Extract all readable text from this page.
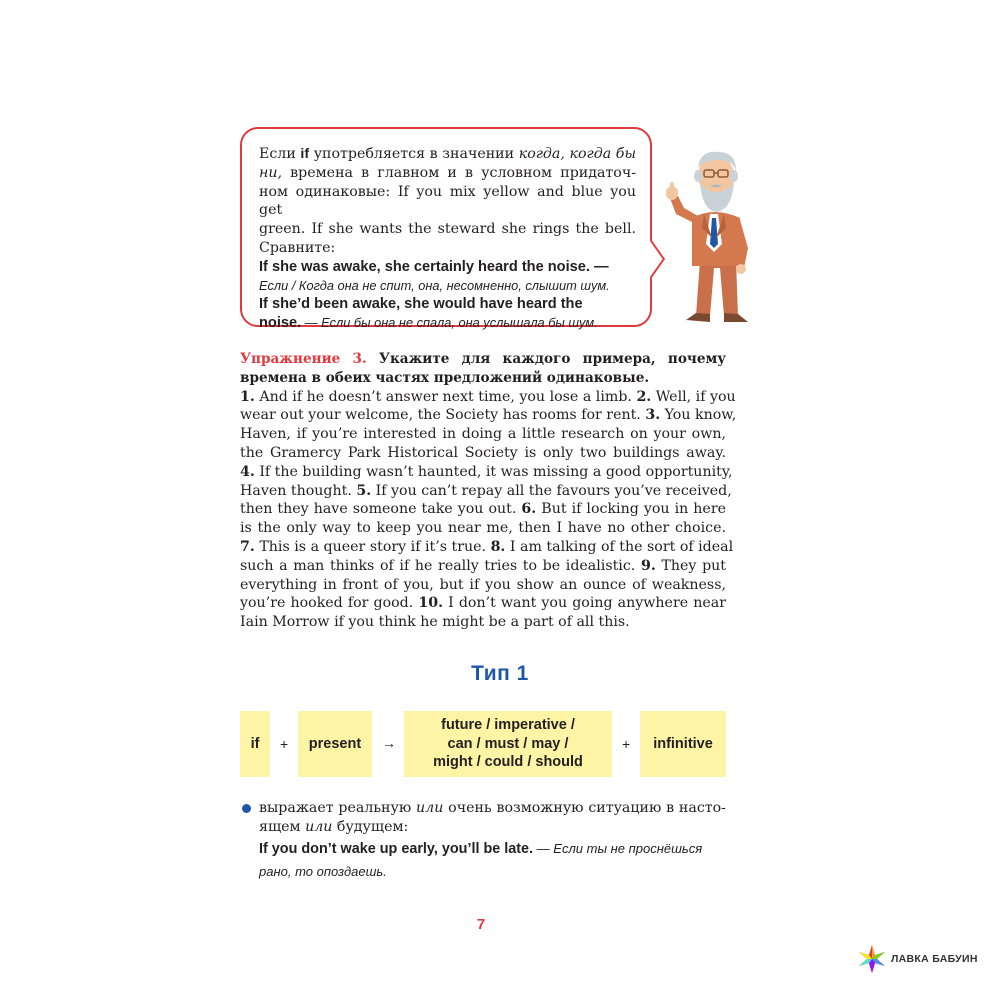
Если if употребляется в значении когда, когда бы

ни, времена в главном и в условном придаточ-

ном одинаковые: If you mix yellow and blue you get

green. If she wants the steward she rings the bell.

Сравните:

If she was awake, she certainly heard the noise. —

Если / Когда она не спит, она, несомненно, слышит шум.

If she’d been awake, she would have heard the

noise. — Если бы она не спала, она услышала бы шум.

Упражнение 3. Укажите для каждого примера, почему

времена в обеих частях предложений одинаковые.

1. And if he doesn’t answer next time, you lose a limb. 2. Well, if you

wear out your welcome, the Society has rooms for rent. 3. You know,

Haven, if you’re interested in doing a little research on your own,

the Gramercy Park Historical Society is only two buildings away.

4. If the building wasn’t haunted, it was missing a good opportunity,

Haven thought. 5. If you can’t repay all the favours you’ve received,

then they have someone take you out. 6. But if locking you in here

is the only way to keep you near me, then I have no other choice.

7. This is a queer story if it’s true. 8. I am talking of the sort of ideal

such a man thinks of if he really tries to be idealistic. 9. They put

everything in front of you, but if you show an ounce of weakness,

you’re hooked for good. 10. I don’t want you going anywhere near

Iain Morrow if you think he might be a part of all this.

Тип 1
if + present →
future / imperative /
can / must / may /
might / could / should
+ infinitive

выражает реальную или очень возможную ситуацию в насто-

ящем или будущем:

If you don’t wake up early, you’ll be late. — Если ты не проснёшься

рано, то опоздаешь.

7
ЛАВКА БАБУИН
